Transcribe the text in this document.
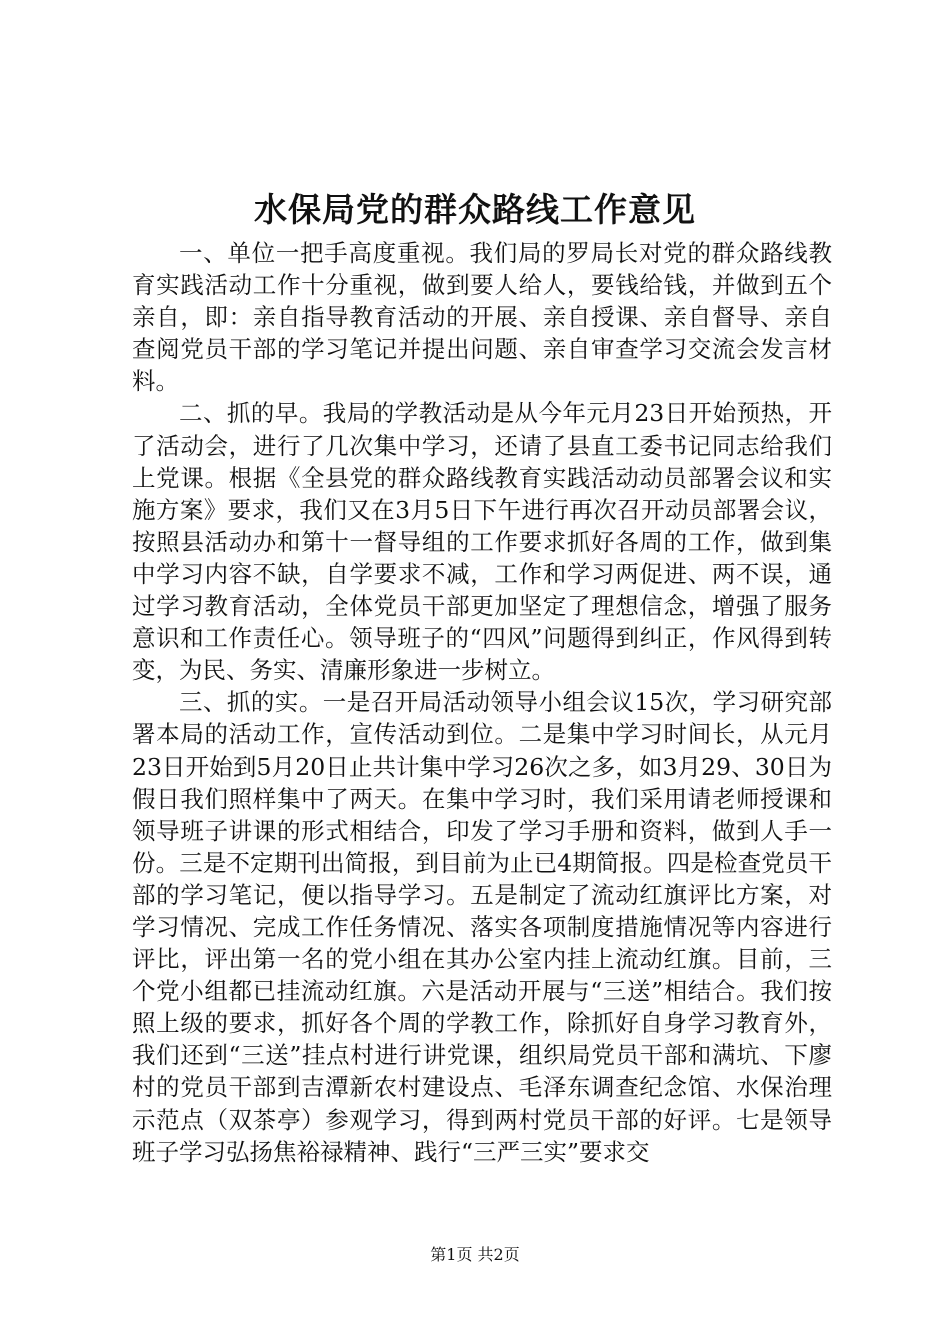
水保局党的群众路线工作意见

一、单位一把手高度重视。我们局的罗局长对党的群众路线教育实践活动工作十分重视，做到要人给人，要钱给钱，并做到五个亲自，即：亲自指导教育活动的开展、亲自授课、亲自督导、亲自查阅党员干部的学习笔记并提出问题、亲自审查学习交流会发言材料。

二、抓的早。我局的学教活动是从今年元月23日开始预热，开了活动会，进行了几次集中学习，还请了县直工委书记同志给我们上党课。根据《全县党的群众路线教育实践活动动员部署会议和实施方案》要求，我们又在3月5日下午进行再次召开动员部署会议，按照县活动办和第十一督导组的工作要求抓好各周的工作，做到集中学习内容不缺，自学要求不减，工作和学习两促进、两不误，通过学习教育活动，全体党员干部更加坚定了理想信念，增强了服务意识和工作责任心。领导班子的“四风”问题得到纠正，作风得到转变，为民、务实、清廉形象进一步树立。

三、抓的实。一是召开局活动领导小组会议15次，学习研究部署本局的活动工作，宣传活动到位。二是集中学习时间长，从元月23日开始到5月20日止共计集中学习26次之多，如3月29、30日为假日我们照样集中了两天。在集中学习时，我们采用请老师授课和领导班子讲课的形式相结合，印发了学习手册和资料，做到人手一份。三是不定期刊出简报，到目前为止已4期简报。四是检查党员干部的学习笔记，便以指导学习。五是制定了流动红旗评比方案，对学习情况、完成工作任务情况、落实各项制度措施情况等内容进行评比，评出第一名的党小组在其办公室内挂上流动红旗。目前，三个党小组都已挂流动红旗。六是活动开展与“三送”相结合。我们按照上级的要求，抓好各个周的学教工作，除抓好自身学习教育外，我们还到“三送”挂点村进行讲党课，组织局党员干部和满坑、下廖村的党员干部到吉潭新农村建设点、毛泽东调查纪念馆、水保治理示范点（双茶亭）参观学习，得到两村党员干部的好评。七是领导班子学习弘扬焦裕禄精神、践行“三严三实”要求交

第1页 共2页
